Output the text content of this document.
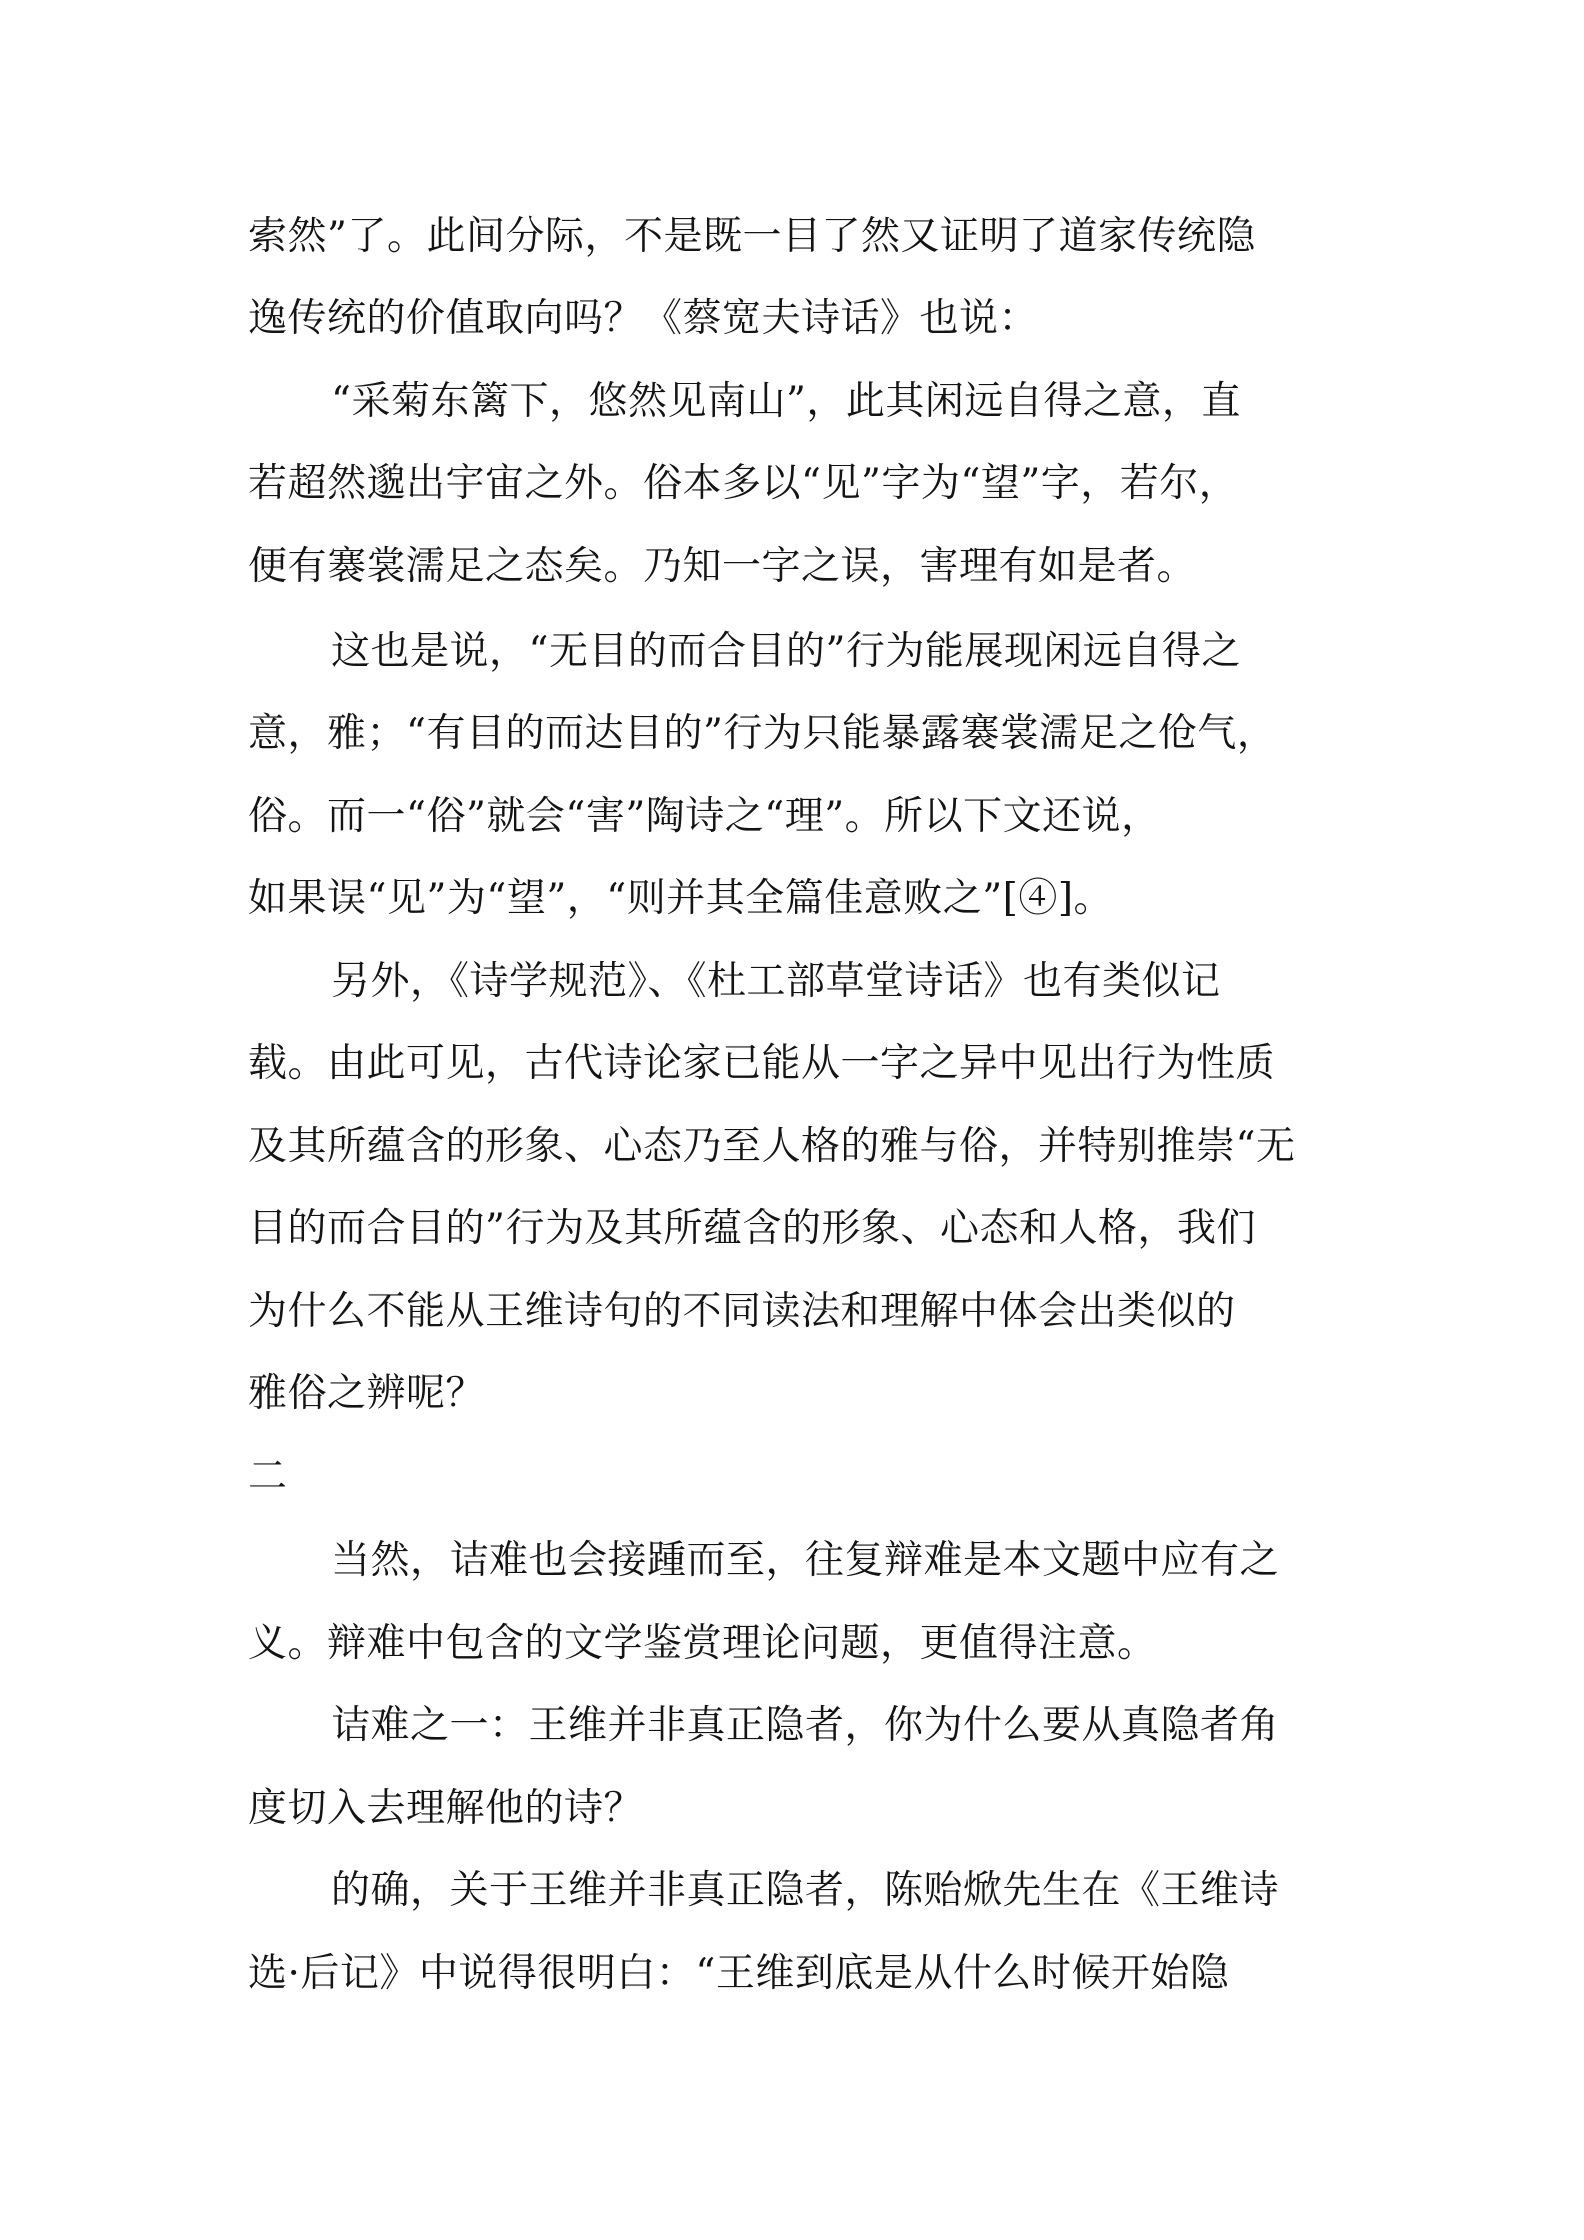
索然”了。此间分际，不是既一目了然又证明了道家传统隐
逸传统的价值取向吗？《蔡宽夫诗话》也说：
“采菊东篱下，悠然见南山”，此其闲远自得之意，直
若超然邈出宇宙之外。俗本多以“见”字为“望”字，若尔，
便有褰裳濡足之态矣。乃知一字之误，害理有如是者。
这也是说，“无目的而合目的”行为能展现闲远自得之
意，雅；“有目的而达目的”行为只能暴露褰裳濡足之伧气，
俗。而一“俗”就会“害”陶诗之“理”。所以下文还说，
如果误“见”为“望”，“则并其全篇佳意败之”[④]。
另外，《诗学规范》、《杜工部草堂诗话》也有类似记
载。由此可见，古代诗论家已能从一字之异中见出行为性质
及其所蕴含的形象、心态乃至人格的雅与俗，并特别推崇“无
目的而合目的”行为及其所蕴含的形象、心态和人格，我们
为什么不能从王维诗句的不同读法和理解中体会出类似的
雅俗之辨呢？
二
当然，诘难也会接踵而至，往复辩难是本文题中应有之
义。辩难中包含的文学鉴赏理论问题，更值得注意。
诘难之一：王维并非真正隐者，你为什么要从真隐者角
度切入去理解他的诗？
的确，关于王维并非真正隐者，陈贻焮先生在《王维诗
选·后记》中说得很明白：“王维到底是从什么时候开始隐
